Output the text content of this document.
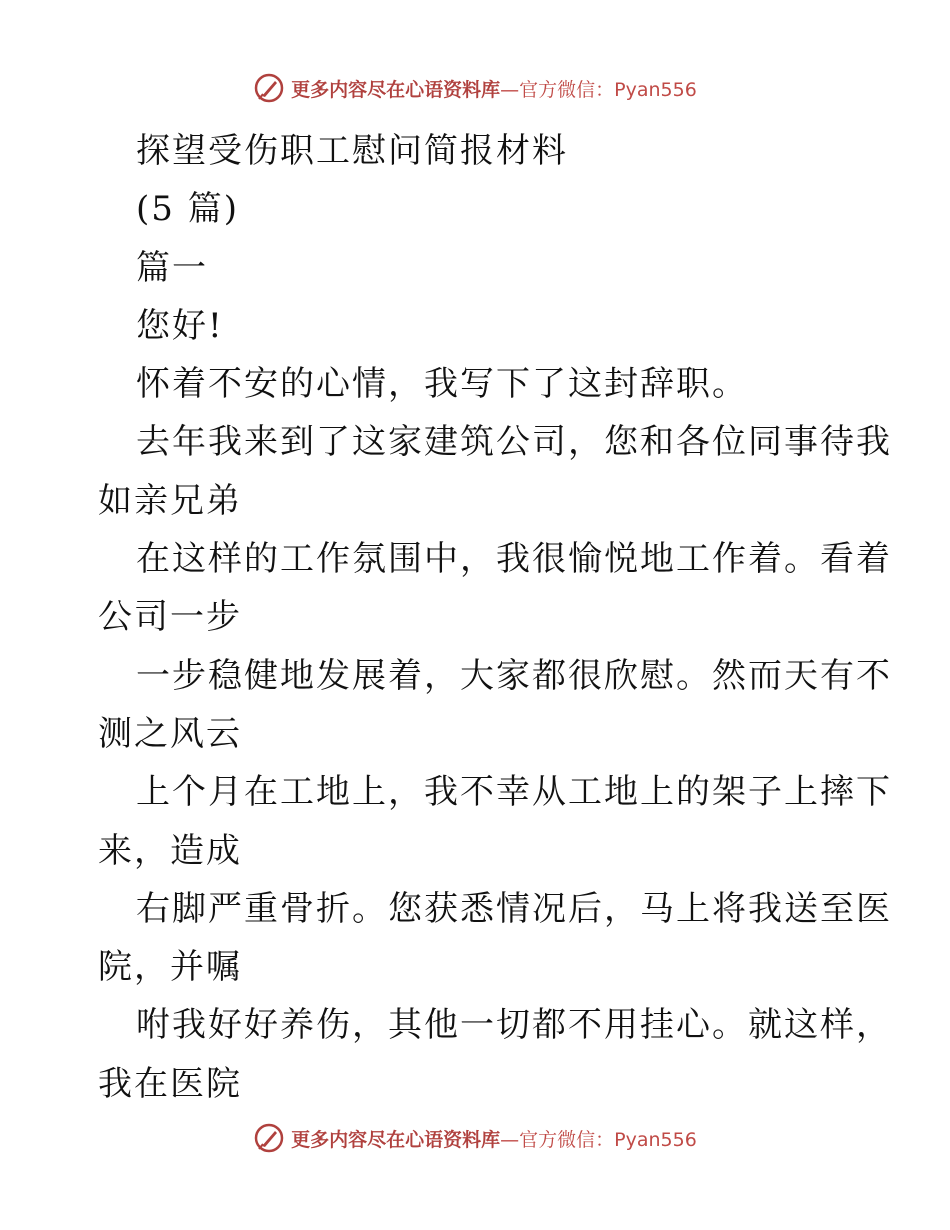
更多内容尽在心语资料库—官方微信：Pyan556
探望受伤职工慰问简报材料
(5 篇)
篇一
您好!
怀着不安的心情，我写下了这封辞职。
去年我来到了这家建筑公司，您和各位同事待我
如亲兄弟
在这样的工作氛围中，我很愉悦地工作着。看着
公司一步
一步稳健地发展着，大家都很欣慰。然而天有不
测之风云
上个月在工地上，我不幸从工地上的架子上摔下
来，造成
右脚严重骨折。您获悉情况后，马上将我送至医
院，并嘱
咐我好好养伤，其他一切都不用挂心。就这样，
我在医院
更多内容尽在心语资料库—官方微信：Pyan556
